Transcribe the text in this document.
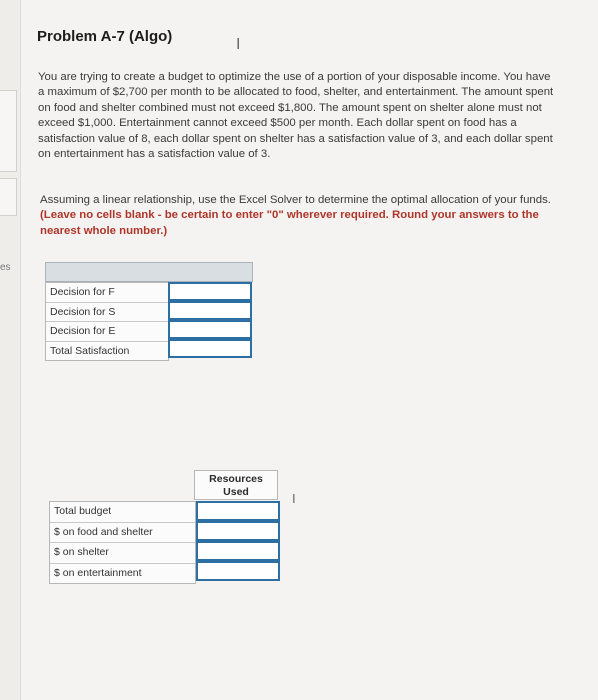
es
Problem A-7 (Algo)	Ι
You are trying to create a budget to optimize the use of a portion of your disposable income. You have a maximum of $2,700 per month to be allocated to food, shelter, and entertainment. The amount spent on food and shelter combined must not exceed $1,800. The amount spent on shelter alone must not exceed $1,000. Entertainment cannot exceed $500 per month. Each dollar spent on food has a satisfaction value of 8, each dollar spent on shelter has a satisfaction value of 3, and each dollar spent on entertainment has a satisfaction value of 3.
Assuming a linear relationship, use the Excel Solver to determine the optimal allocation of your funds. (Leave no cells blank - be certain to enter "0" wherever required. Round your answers to the nearest whole number.)
Decision for F
Decision for S
Decision for E
Total Satisfaction
Resources Used	Ι
Total budget
$ on food and shelter
$ on shelter
$ on entertainment
